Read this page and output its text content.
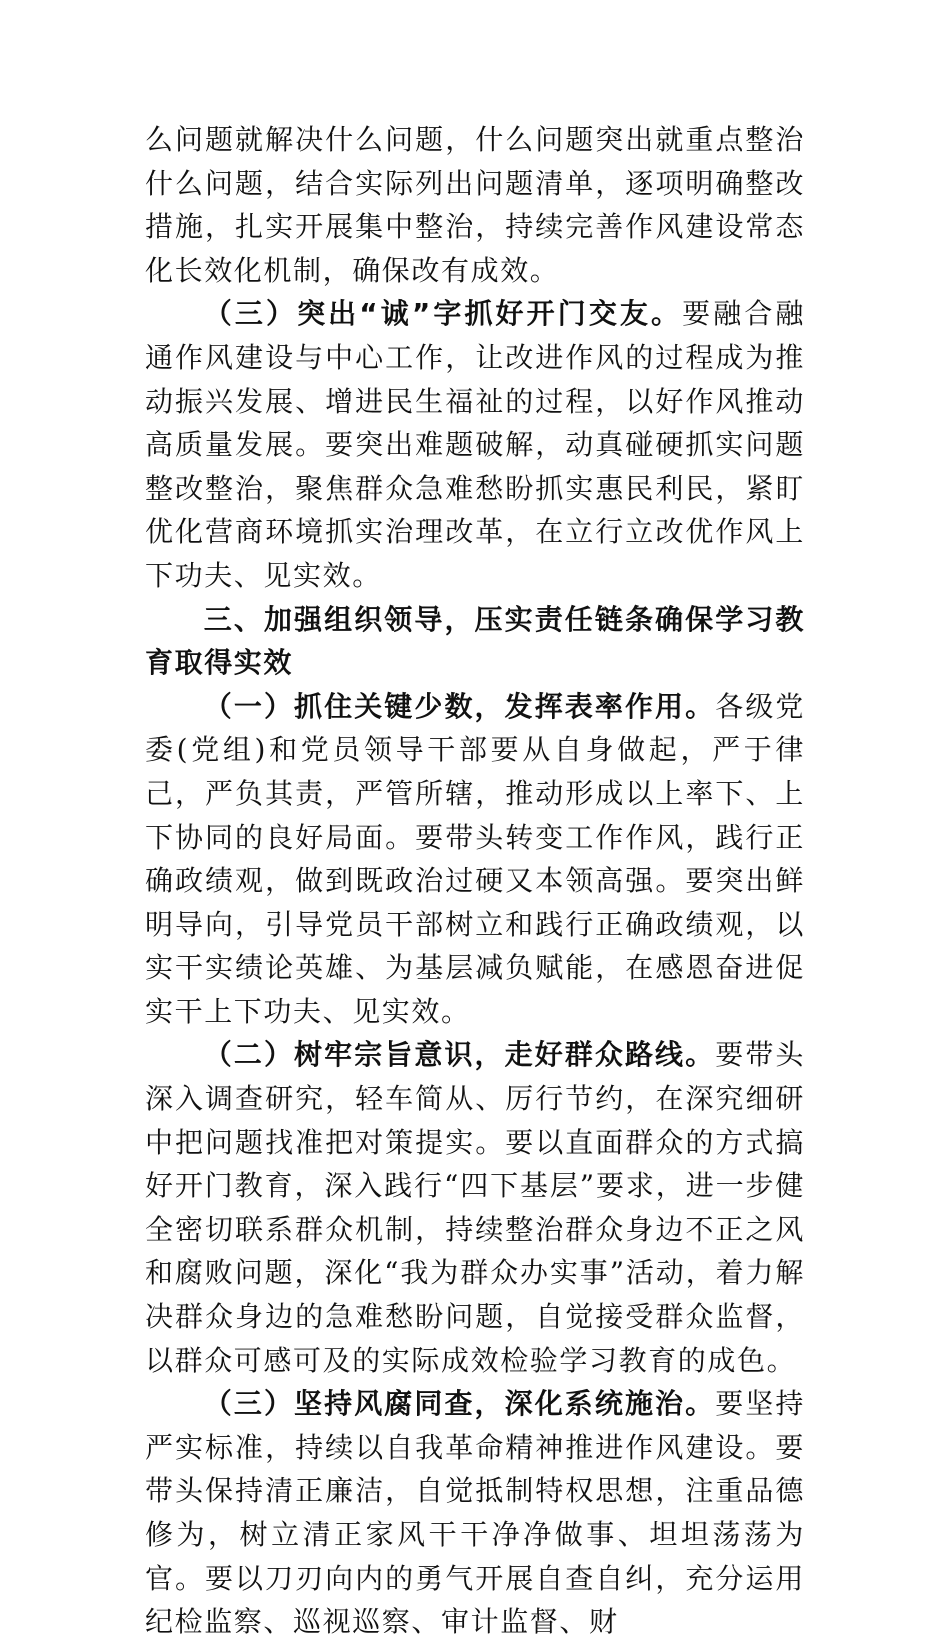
么问题就解决什么问题，什么问题突出就重点整治什么问题，结合实际列出问题清单，逐项明确整改措施，扎实开展集中整治，持续完善作风建设常态化长效化机制，确保改有成效。

（三）突出“诚”字抓好开门交友。要融合融通作风建设与中心工作，让改进作风的过程成为推动振兴发展、增进民生福祉的过程，以好作风推动高质量发展。要突出难题破解，动真碰硬抓实问题整改整治，聚焦群众急难愁盼抓实惠民利民，紧盯优化营商环境抓实治理改革，在立行立改优作风上下功夫、见实效。

三、加强组织领导，压实责任链条确保学习教育取得实效

（一）抓住关键少数，发挥表率作用。各级党委(党组)和党员领导干部要从自身做起，严于律己，严负其责，严管所辖，推动形成以上率下、上下协同的良好局面。要带头转变工作作风，践行正确政绩观，做到既政治过硬又本领高强。要突出鲜明导向，引导党员干部树立和践行正确政绩观，以实干实绩论英雄、为基层减负赋能，在感恩奋进促实干上下功夫、见实效。

（二）树牢宗旨意识，走好群众路线。要带头深入调查研究，轻车简从、厉行节约，在深究细研中把问题找准把对策提实。要以直面群众的方式搞好开门教育，深入践行“四下基层”要求，进一步健全密切联系群众机制，持续整治群众身边不正之风和腐败问题，深化“我为群众办实事”活动，着力解决群众身边的急难愁盼问题，自觉接受群众监督，以群众可感可及的实际成效检验学习教育的成色。

（三）坚持风腐同查，深化系统施治。要坚持严实标准，持续以自我革命精神推进作风建设。要带头保持清正廉洁，自觉抵制特权思想，注重品德修为，树立清正家风干干净净做事、坦坦荡荡为官。要以刀刃向内的勇气开展自查自纠，充分运用纪检监察、巡视巡察、审计监督、财
